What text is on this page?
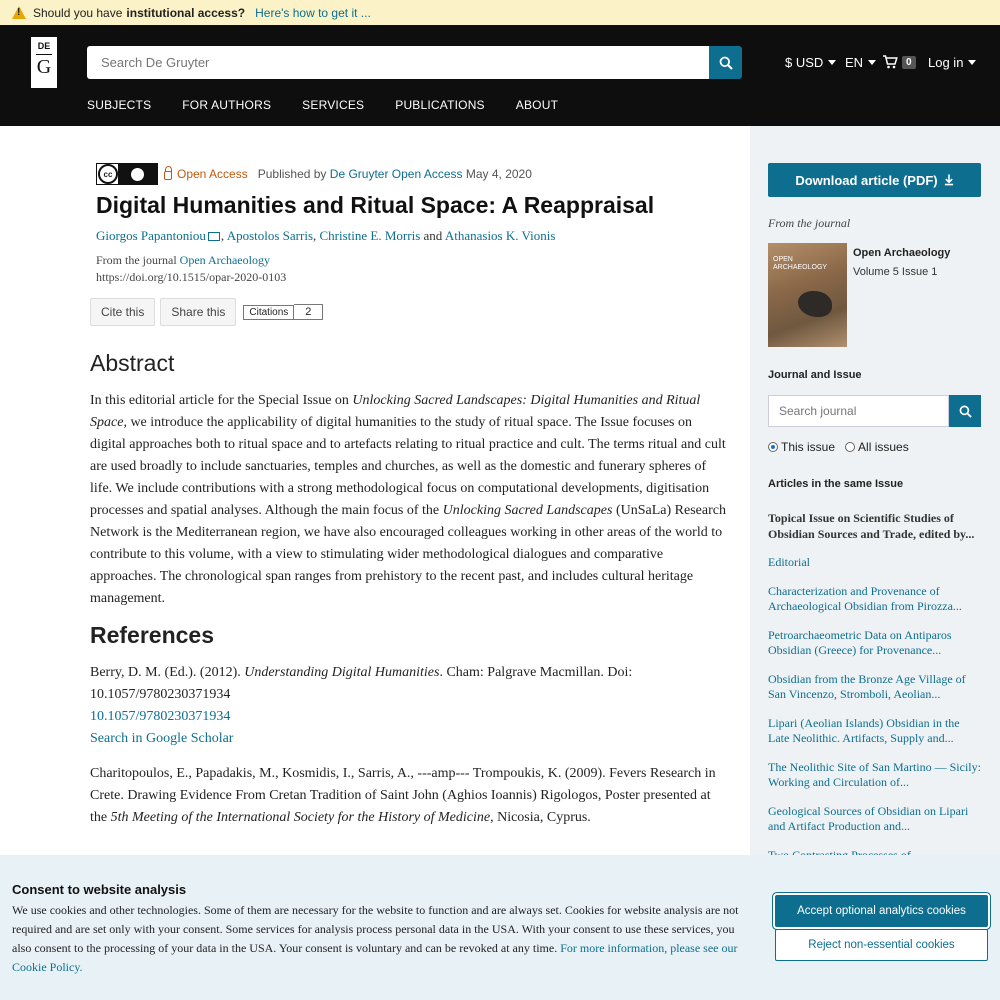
!
Should you have institutional access? Here's how to get it ...
DE
G
Search De Gruyter	$ USD EN	0	Log in
SUBJECTS	FOR AUTHORS	SERVICES	PUBLICATIONS	ABOUT
cc	Open Access Published by De Gruyter Open Access May 4, 2020
Digital Humanities and Ritual Space: A Reappraisal
Giorgos Papantoniou , Apostolos Sarris, Christine E. Morris and Athanasios K. Vionis
From the journal Open Archaeology
https://doi.org/10.1515/opar-2020-0103
Cite this	Share this	Citations	2
Abstract

In this editorial article for the Special Issue on Unlocking Sacred Landscapes: Digital Humanities and Ritual Space, we introduce the applicability of digital humanities to the study of ritual space. The Issue focuses on digital approaches both to ritual space and to artefacts relating to ritual practice and cult. The terms ritual and cult are used broadly to include sanctuaries, temples and churches, as well as the domestic and funerary spheres of life. We include contributions with a strong methodological focus on computational developments, digitisation processes and spatial analyses. Although the main focus of the Unlocking Sacred Landscapes (UnSaLa) Research Network is the Mediterranean region, we have also encouraged colleagues working in other areas of the world to contribute to this volume, with a view to stimulating wider methodological dialogues and comparative approaches. The chronological span ranges from prehistory to the recent past, and includes cultural heritage management.

References
Berry, D. M. (Ed.). (2012). Understanding Digital Humanities. Cham: Palgrave Macmillan. Doi: 10.1057/9780230371934
10.1057/9780230371934
Search in Google Scholar
Charitopoulos, E., Papadakis, M., Kosmidis, I., Sarris, A., ---amp--- Trompoukis, K. (2009). Fevers Research in Crete. Drawing Evidence From Cretan Tradition of Saint John (Aghios Ioannis) Rigologos, Poster presented at the 5th Meeting of the International Society for the History of Medicine, Nicosia, Cyprus.
Download article (PDF)
From the journal
OPEN ARCHAEOLOGY
Open Archaeology
Volume 5 Issue 1
Journal and Issue
Search journal
This issue All issues
Articles in the same Issue
Topical Issue on Scientific Studies of Obsidian Sources and Trade, edited by...
Editorial
Characterization and Provenance of Archaeological Obsidian from Pirozza...
Petroarchaeometric Data on Antiparos Obsidian (Greece) for Provenance...
Obsidian from the Bronze Age Village of San Vincenzo, Stromboli, Aeolian...
Lipari (Aeolian Islands) Obsidian in the Late Neolithic. Artifacts, Supply and...
The Neolithic Site of San Martino — Sicily: Working and Circulation of...
Geological Sources of Obsidian on Lipari and Artifact Production and...
Consent to website analysis
We use cookies and other technologies. Some of them are necessary for the website to function and are always set. Cookies for website analysis are not required and are set only with your consent. Some services for analysis process personal data in the USA. With your consent to use these services, you also consent to the processing of your data in the USA. Your consent is voluntary and can be revoked at any time. For more information, please see our Cookie Policy.
Accept optional analytics cookies
Reject non-essential cookies
